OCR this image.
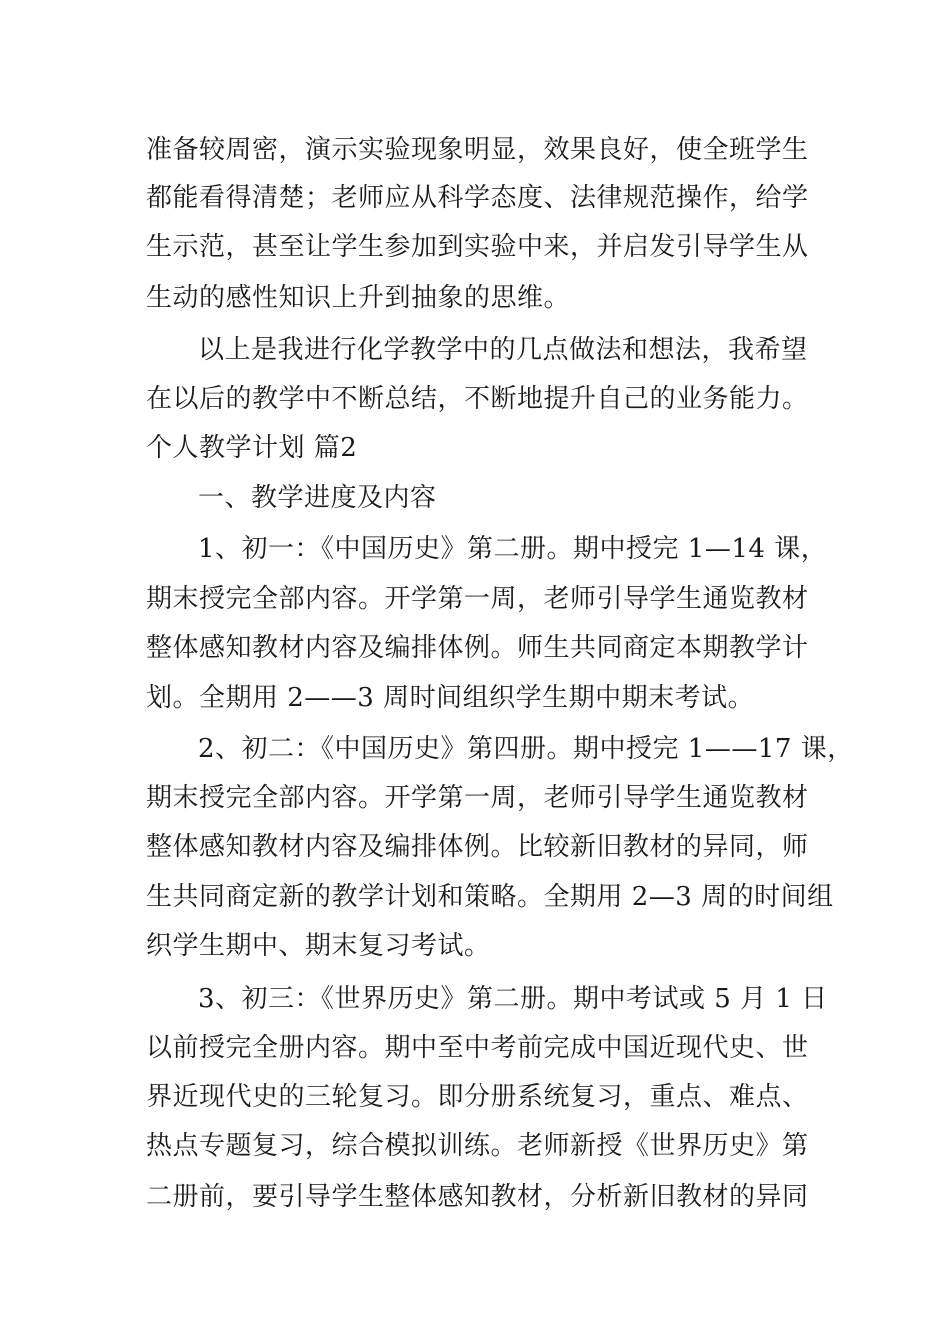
准备较周密，演示实验现象明显，效果良好，使全班学生
都能看得清楚；老师应从科学态度、法律规范操作，给学
生示范，甚至让学生参加到实验中来，并启发引导学生从
生动的感性知识上升到抽象的思维。
以上是我进行化学教学中的几点做法和想法，我希望
在以后的教学中不断总结，不断地提升自己的业务能力。
个人教学计划 篇2
一、教学进度及内容
1、初一：《中国历史》第二册。期中授完 1—14 课，
期末授完全部内容。开学第一周，老师引导学生通览教材
整体感知教材内容及编排体例。师生共同商定本期教学计
划。全期用 2——3 周时间组织学生期中期末考试。
2、初二：《中国历史》第四册。期中授完 1——17 课，
期末授完全部内容。开学第一周，老师引导学生通览教材
整体感知教材内容及编排体例。比较新旧教材的异同，师
生共同商定新的教学计划和策略。全期用 2—3 周的时间组
织学生期中、期末复习考试。
3、初三：《世界历史》第二册。期中考试或 5 月 1 日
以前授完全册内容。期中至中考前完成中国近现代史、世
界近现代史的三轮复习。即分册系统复习，重点、难点、
热点专题复习，综合模拟训练。老师新授《世界历史》第
二册前，要引导学生整体感知教材，分析新旧教材的异同
